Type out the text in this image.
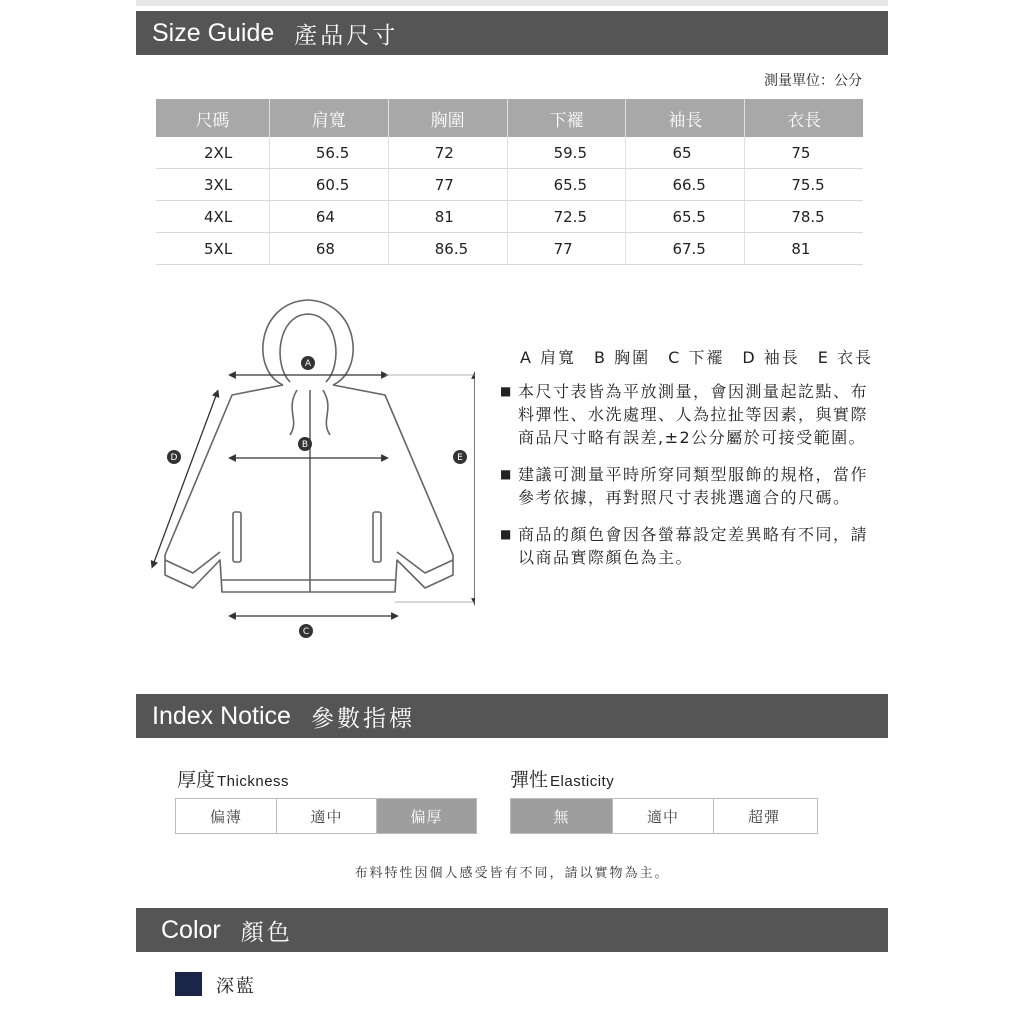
Size Guide 產品尺寸
測量單位：公分
尺碼	肩寬	胸圍	下襬	袖長	衣長
2XL	56.5	72	59.5	65	75
3XL	60.5	77	65.5	66.5	75.5
4XL	64	81	72.5	65.5	78.5
5XL	68	86.5	77	67.5	81
A
B
C
D	E
A 肩寬　B 胸圍　C 下襬　D 袖長　E 衣長
■ 本尺寸表皆為平放測量，會因測量起訖點、布料彈性、水洗處理、人為拉扯等因素，與實際商品尺寸略有誤差,±2公分屬於可接受範圍。
■ 建議可測量平時所穿同類型服飾的規格，當作參考依據，再對照尺寸表挑選適合的尺碼。
■ 商品的顏色會因各螢幕設定差異略有不同，請以商品實際顏色為主。
Index Notice 參數指標
厚度 Thickness
偏薄	適中	偏厚
彈性 Elasticity
無	適中	超彈
布料特性因個人感受皆有不同，請以實物為主。
Color 顏色
深藍
